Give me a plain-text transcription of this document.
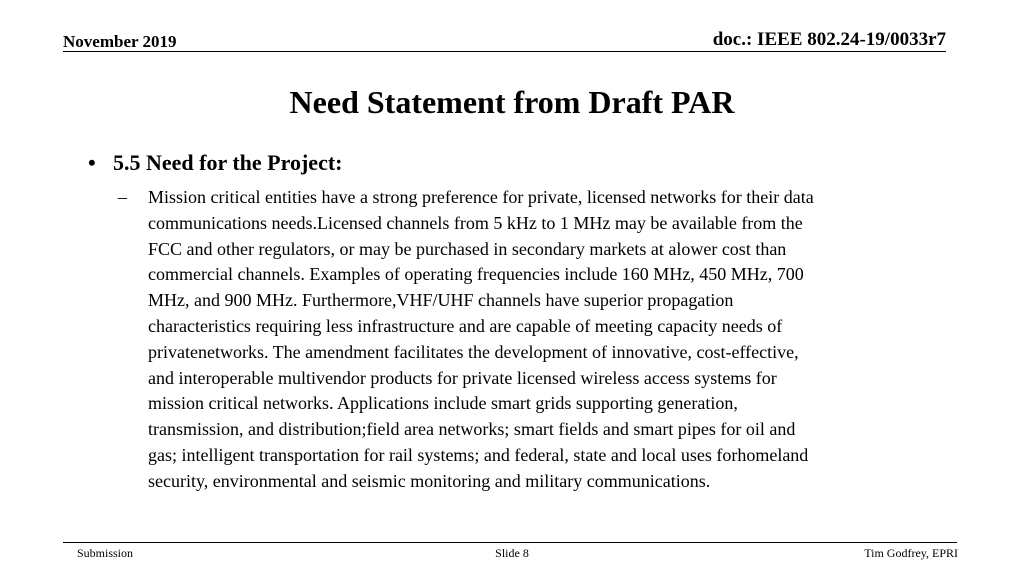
November 2019	doc.: IEEE 802.24-19/0033r7
Need Statement from Draft PAR
• 5.5 Need for the Project:
– Mission critical entities have a strong preference for private, licensed networks for their data
communications needs.Licensed channels from 5 kHz to 1 MHz may be available from the
FCC and other regulators, or may be purchased in secondary markets at alower cost than
commercial channels. Examples of operating frequencies include 160 MHz, 450 MHz, 700
MHz, and 900 MHz. Furthermore,VHF/UHF channels have superior propagation
characteristics requiring less infrastructure and are capable of meeting capacity needs of
privatenetworks. The amendment facilitates the development of innovative, cost-effective,
and interoperable multivendor products for private licensed wireless access systems for
mission critical networks. Applications include smart grids supporting generation,
transmission, and distribution;field area networks; smart fields and smart pipes for oil and
gas; intelligent transportation for rail systems; and federal, state and local uses forhomeland
security, environmental and seismic monitoring and military communications.
Submission	Slide 8	Tim Godfrey, EPRI
